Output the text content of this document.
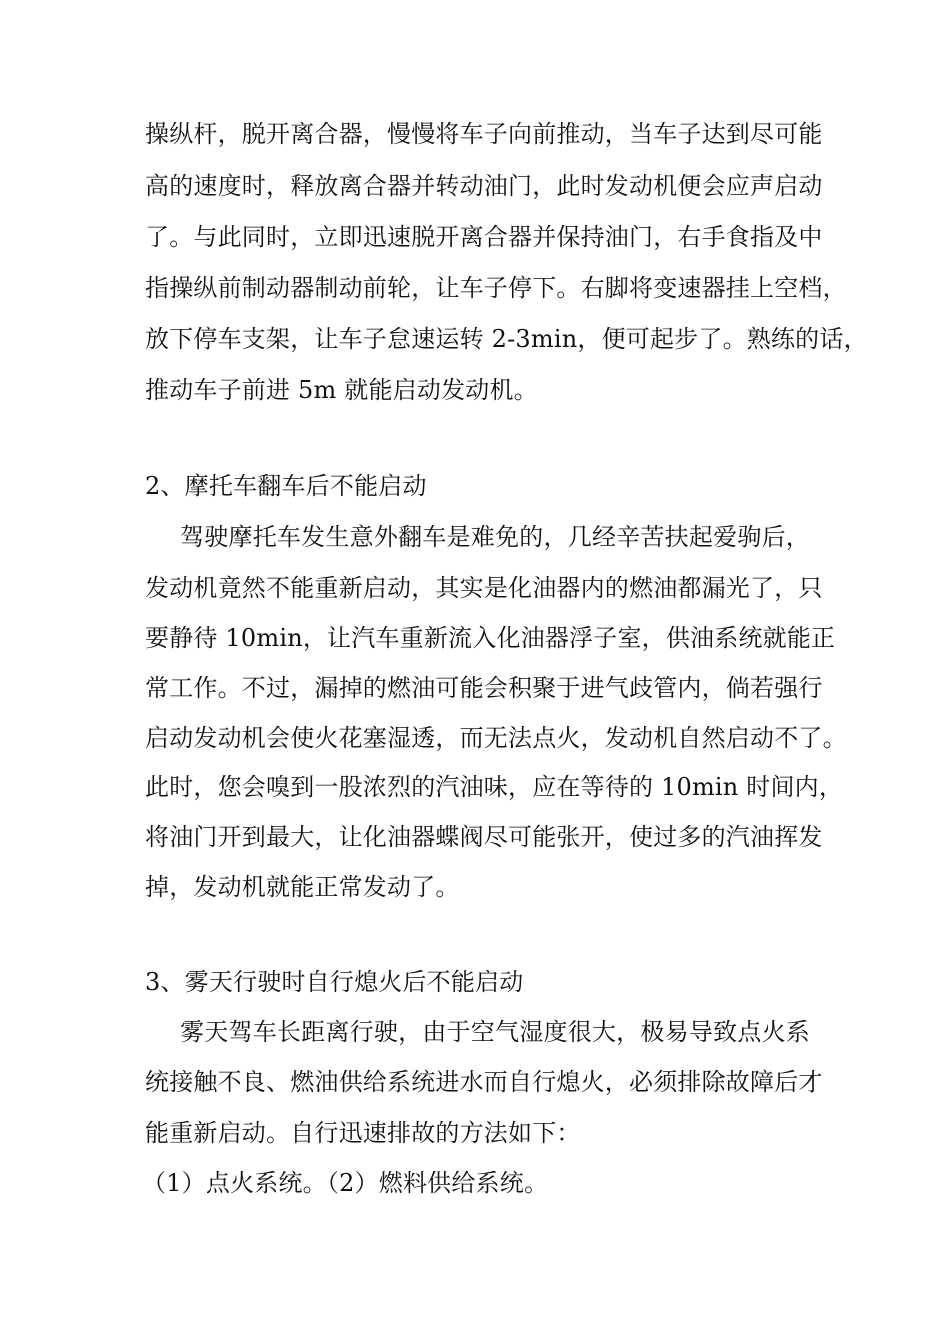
操纵杆，脱开离合器，慢慢将车子向前推动，当车子达到尽可能
高的速度时，释放离合器并转动油门，此时发动机便会应声启动
了。与此同时，立即迅速脱开离合器并保持油门，右手食指及中
指操纵前制动器制动前轮，让车子停下。右脚将变速器挂上空档，
放下停车支架，让车子怠速运转 2-3min，便可起步了。熟练的话，
推动车子前进 5m 就能启动发动机。
2、摩托车翻车后不能启动
驾驶摩托车发生意外翻车是难免的，几经辛苦扶起爱驹后，
发动机竟然不能重新启动，其实是化油器内的燃油都漏光了，只
要静待 10min，让汽车重新流入化油器浮子室，供油系统就能正
常工作。不过，漏掉的燃油可能会积聚于进气歧管内，倘若强行
启动发动机会使火花塞湿透，而无法点火，发动机自然启动不了。
此时，您会嗅到一股浓烈的汽油味，应在等待的 10min 时间内，
将油门开到最大，让化油器蝶阀尽可能张开，使过多的汽油挥发
掉，发动机就能正常发动了。
3、雾天行驶时自行熄火后不能启动
雾天驾车长距离行驶，由于空气湿度很大，极易导致点火系
统接触不良、燃油供给系统进水而自行熄火，必须排除故障后才
能重新启动。自行迅速排故的方法如下：
（1）点火系统。（2）燃料供给系统。
